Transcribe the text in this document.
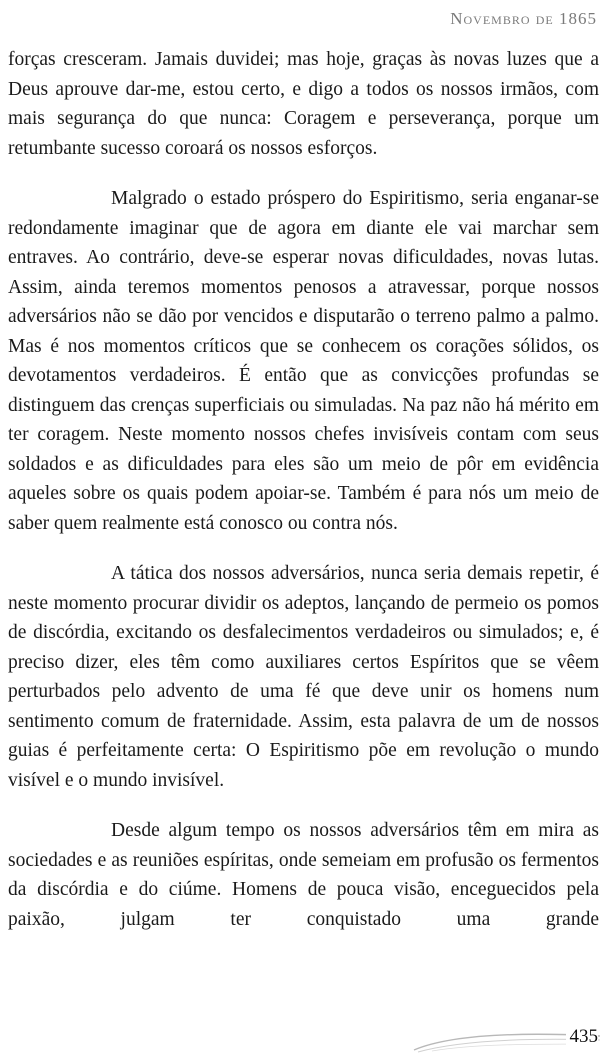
Novembro de 1865

forças cresceram. Jamais duvidei; mas hoje, graças às novas luzes que a Deus aprouve dar-me, estou certo, e digo a todos os nossos irmãos, com mais segurança do que nunca: Coragem e perseverança, porque um retumbante sucesso coroará os nossos esforços.

Malgrado o estado próspero do Espiritismo, seria enganar-se redondamente imaginar que de agora em diante ele vai marchar sem entraves. Ao contrário, deve-se esperar novas dificuldades, novas lutas. Assim, ainda teremos momentos penosos a atravessar, porque nossos adversários não se dão por vencidos e disputarão o terreno palmo a palmo. Mas é nos momentos críticos que se conhecem os corações sólidos, os devotamentos verdadeiros. É então que as convicções profundas se distinguem das crenças superficiais ou simuladas. Na paz não há mérito em ter coragem. Neste momento nossos chefes invisíveis contam com seus soldados e as dificuldades para eles são um meio de pôr em evidência aqueles sobre os quais podem apoiar-se. Também é para nós um meio de saber quem realmente está conosco ou contra nós.

A tática dos nossos adversários, nunca seria demais repetir, é neste momento procurar dividir os adeptos, lançando de permeio os pomos de discórdia, excitando os desfalecimentos verdadeiros ou simulados; e, é preciso dizer, eles têm como auxiliares certos Espíritos que se vêem perturbados pelo advento de uma fé que deve unir os homens num sentimento comum de fraternidade. Assim, esta palavra de um de nossos guias é perfeitamente certa: O Espiritismo põe em revolução o mundo visível e o mundo invisível.

Desde algum tempo os nossos adversários têm em mira as sociedades e as reuniões espíritas, onde semeiam em profusão os fermentos da discórdia e do ciúme. Homens de pouca visão, enceguecidos pela paixão, julgam ter conquistado uma grande

435
